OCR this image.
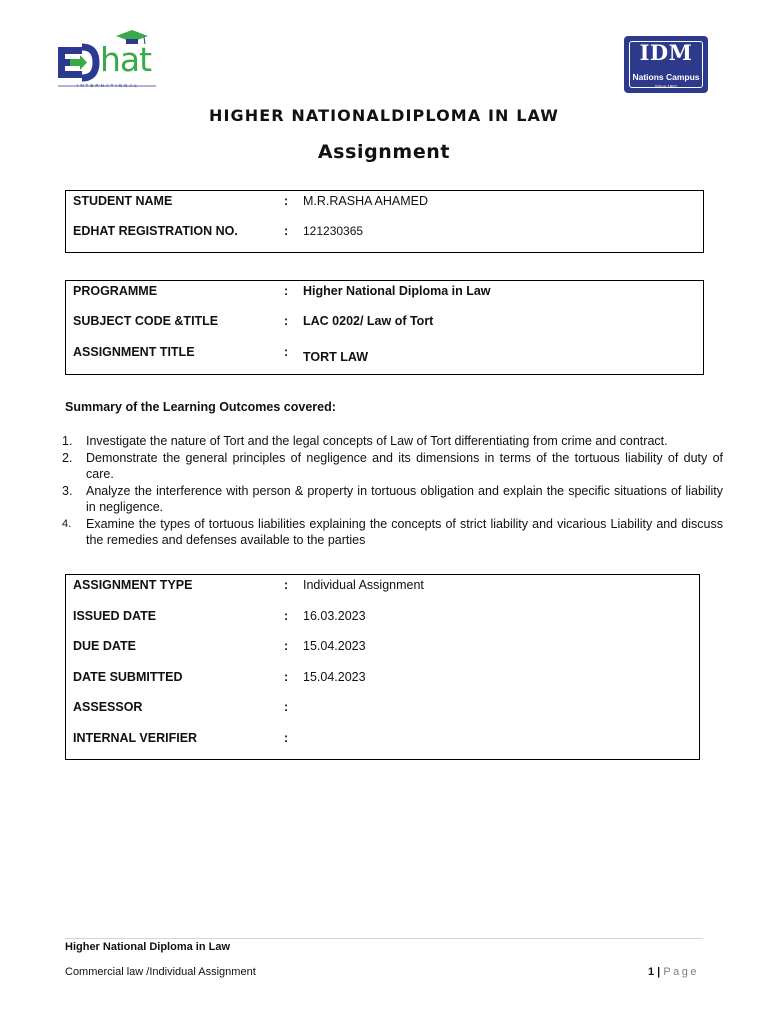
hat
INTERNATIONAL
IDM
Nations Campus
Since 1981
HIGHER NATIONALDIPLOMA IN LAW
Assignment
STUDENT NAME	: M.R.RASHA AHAMED
EDHAT REGISTRATION NO.	: 121230365
PROGRAMME	: Higher National Diploma in Law
SUBJECT CODE &TITLE	: LAC 0202/ Law of Tort
ASSIGNMENT TITLE	: TORT LAW
Summary of the Learning Outcomes covered:
1. Investigate the nature of Tort and the legal concepts of Law of Tort differentiating from crime and contract.
2. Demonstrate the general principles of negligence and its dimensions in terms of the tortuous liability of duty of care.
3. Analyze the interference with person & property in tortuous obligation and explain the specific situations of liability in negligence.
4. Examine the types of tortuous liabilities explaining the concepts of strict liability and vicarious Liability and discuss the remedies and defenses available to the parties
ASSIGNMENT TYPE	: Individual Assignment
ISSUED DATE	: 16.03.2023
DUE DATE	: 15.04.2023
DATE SUBMITTED	: 15.04.2023
ASSESSOR	:
INTERNAL VERIFIER	:
Higher National Diploma in Law
Commercial law /Individual Assignment	1 | Page
